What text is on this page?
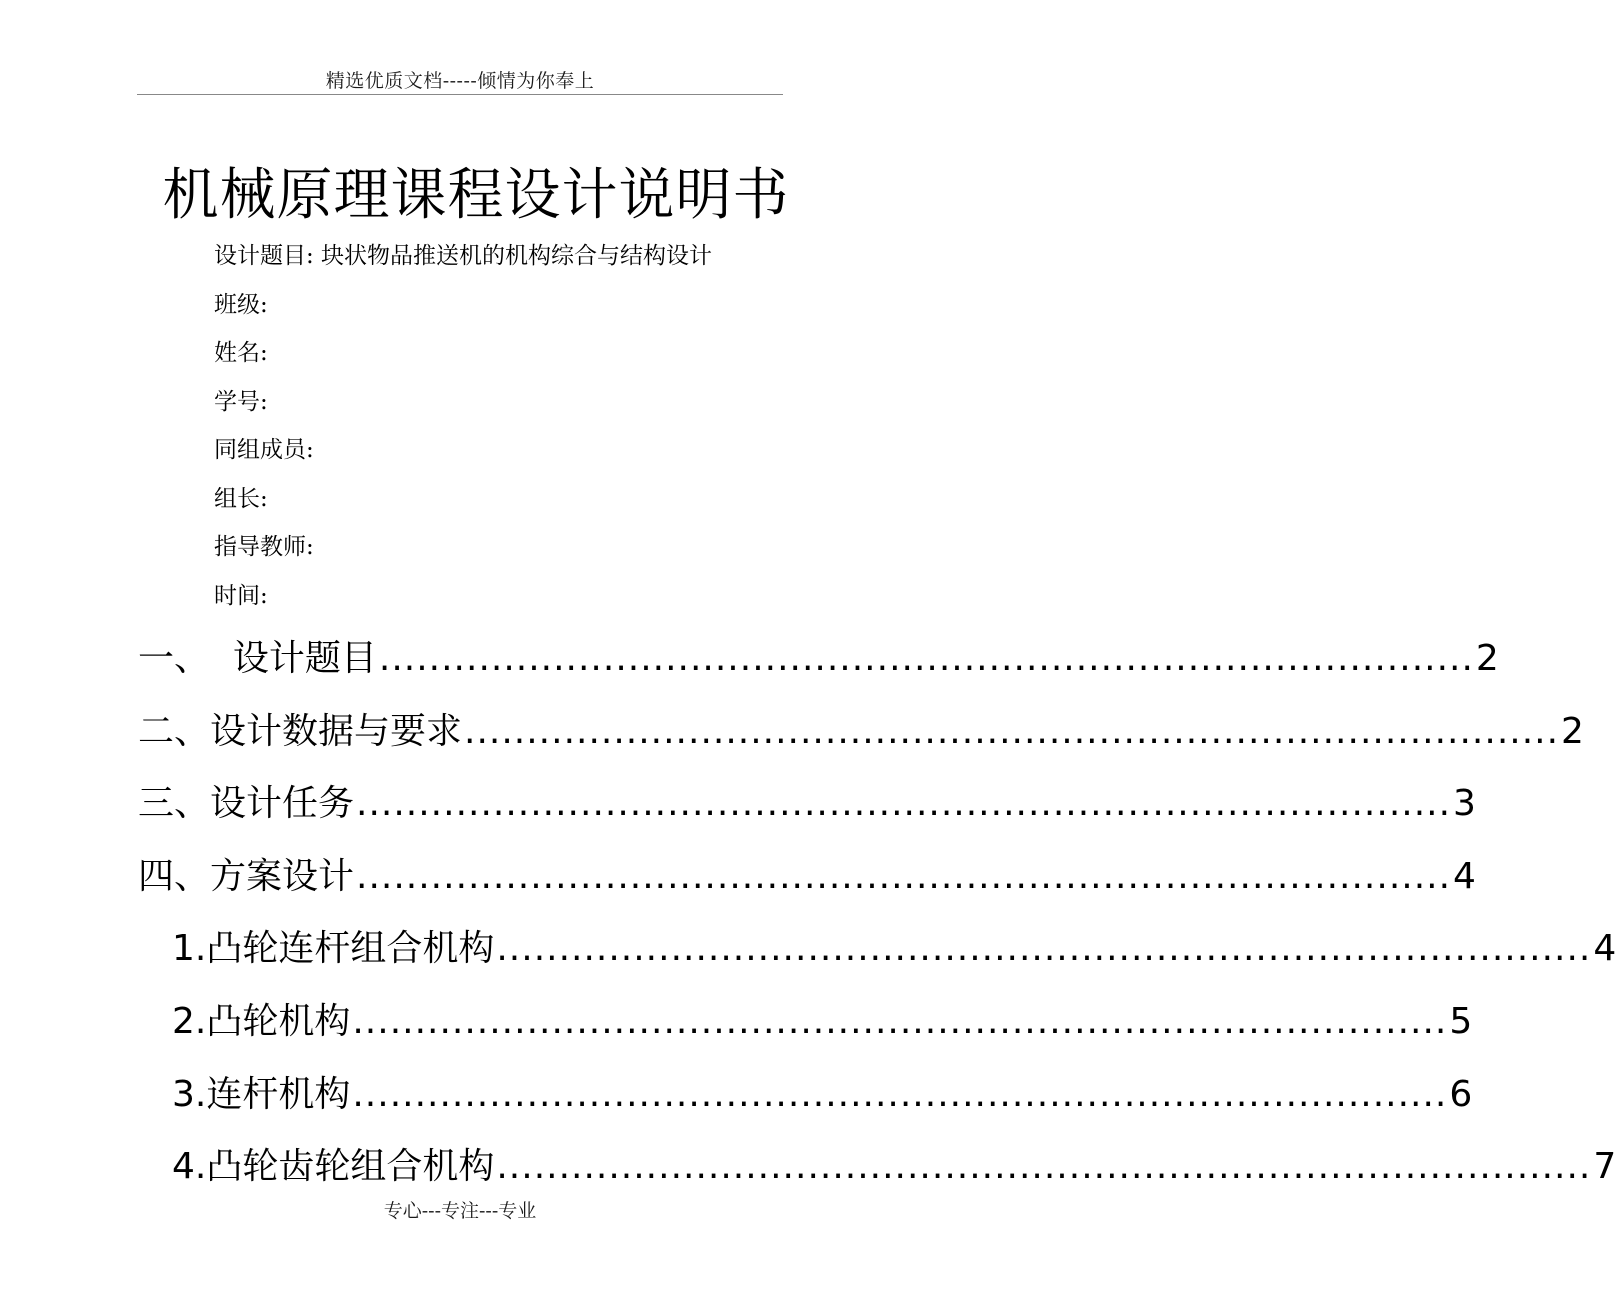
精选优质文档-----倾情为你奉上
机械原理课程设计说明书
设计题目: 块状物品推送机的机构综合与结构设计
班级:
姓名:
学号:
同组成员:
组长:
指导教师:
时间:
一、  设计题目 ........................................................................................ 2
二、设计数据与要求 ........................................................................................ 2
三、设计任务 ........................................................................................ 3
四、方案设计 ........................................................................................ 4
1.凸轮连杆组合机构 ........................................................................................ 4
2.凸轮机构 ........................................................................................ 5
3.连杆机构 ........................................................................................ 6
4.凸轮齿轮组合机构 ........................................................................................ 7
专心---专注---专业
